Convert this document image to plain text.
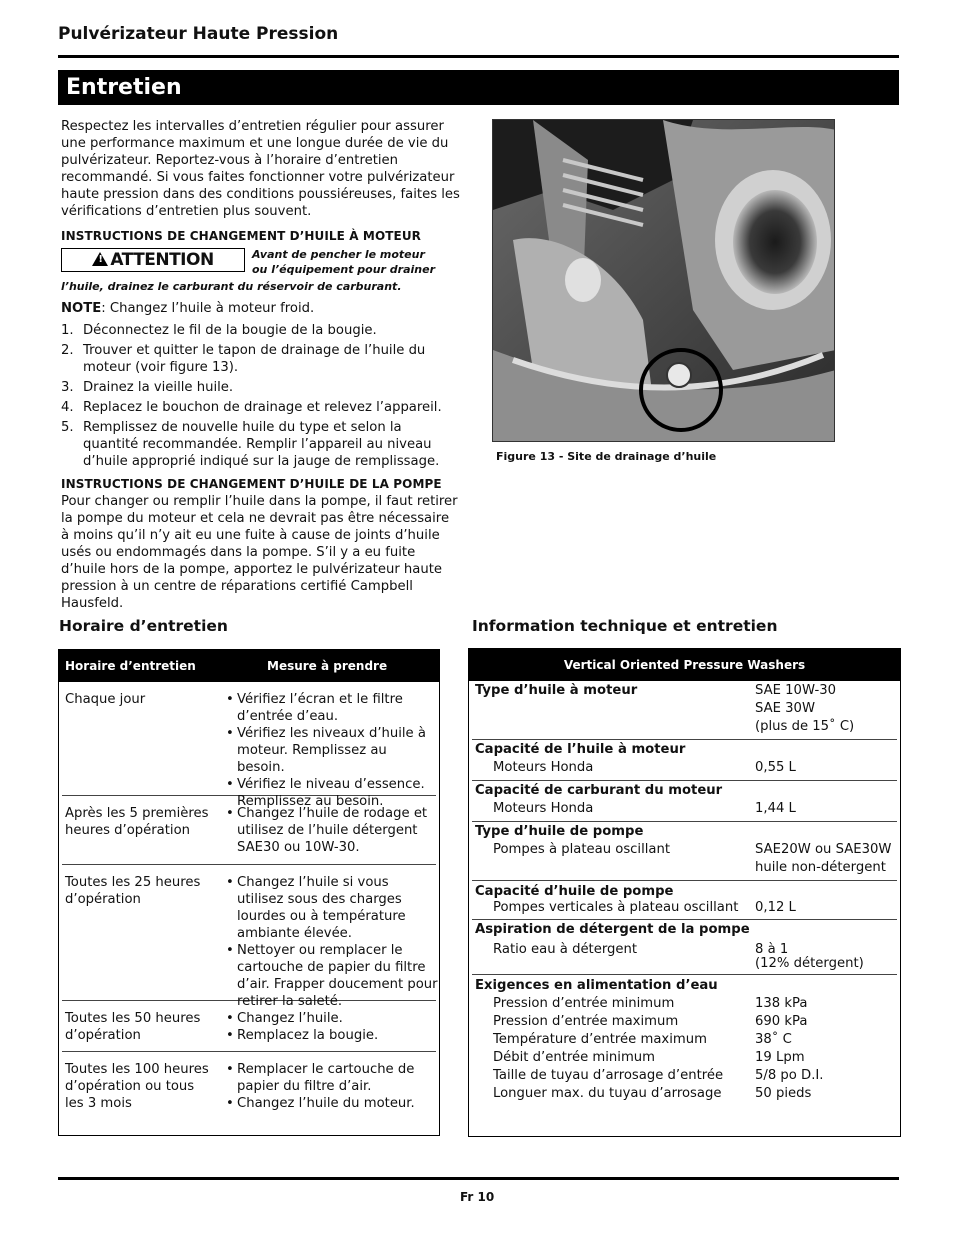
Pulvérizateur Haute Pression
Entretien

Respectez les intervalles d’entretien régulier pour assurer une performance maximum et une longue durée de vie du pulvérizateur. Reportez-vous à l’horaire d’entretien recommandé. Si vous faites fonctionner votre pulvérizateur haute pression dans des conditions poussiéreuses, faites les vérifications d’entretien plus souvent.

INSTRUCTIONS DE CHANGEMENT D’HUILE À MOTEUR
!ATTENTION	Avant de pencher le moteur
ou l’équipement pour drainer
l’huile, drainez le carburant du réservoir de carburant.

NOTE: Changez l’huile à moteur froid.

1. Déconnectez le fil de la bougie de la bougie.
2. Trouver et quitter le tapon de drainage de l’huile du moteur (voir figure 13).
3. Drainez la vieille huile.
4. Replacez le bouchon de drainage et relevez l’appareil.
5. Remplissez de nouvelle huile du type et selon la quantité recommandée. Remplir l’appareil au niveau d’huile approprié indiqué sur la jauge de remplissage.
INSTRUCTIONS DE CHANGEMENT D’HUILE DE LA POMPE

Pour changer ou remplir l’huile dans la pompe, il faut retirer la pompe du moteur et cela ne devrait pas être nécessaire à moins qu’il n’y ait eu une fuite à cause de joints d’huile usés ou endommagés dans la pompe. S’il y a eu fuite d’huile hors de la pompe, apportez le pulvérizateur haute pression à un centre de réparations certifié Campbell Hausfeld.

Figure 13 - Site de drainage d’huile
Horaire d’entretien	Information technique et entretien
Horaire d’entretien	Mesure à prendre
Chaque jour
•	Vérifiez l’écran et le filtre d’entrée d’eau.
• Vérifiez les niveaux d’huile à moteur. Remplissez au besoin.
• Vérifiez le niveau d’essence. Remplissez au besoin.
Après les 5 premières heures d’opération
• Changez l’huile de rodage et utilisez de l’huile détergent SAE30 ou 10W-30.
Toutes les 25 heures d’opération
• Changez l’huile si vous utilisez sous des charges lourdes ou à température ambiante élevée.
• Nettoyer ou remplacer le cartouche de papier du filtre d’air. Frapper doucement pour retirer la saleté.
Toutes les 50 heures d’opération
• Changez l’huile.
• Remplacez la bougie.
Toutes les 100 heures d’opération ou tous les 3 mois
• Remplacer le cartouche de papier du filtre d’air.
• Changez l’huile du moteur.
Vertical Oriented Pressure Washers
Type d’huile à moteur	SAE 10W-30
SAE 30W
(plus de 15˚ C)
Capacité de l’huile à moteur
Moteurs Honda	0,55 L
Capacité de carburant du moteur
Moteurs Honda	1,44 L
Type d’huile de pompe
Pompes à plateau oscillant	SAE20W ou SAE30W
huile non-détergent
Capacité d’huile de pompe
Pompes verticales à plateau oscillant 0,12 L
Aspiration de détergent de la pompe
Ratio eau à détergent	8 à 1
(12% détergent)
Exigences en alimentation d’eau
Pression d’entrée minimum	138 kPa
Pression d’entrée maximum	690 kPa
Température d’entrée maximum	38˚ C
Débit d’entrée minimum	19 Lpm
Taille de tuyau d’arrosage d’entrée 5/8 po D.I.
Longuer max. du tuyau d’arrosage	50 pieds
Fr 10
